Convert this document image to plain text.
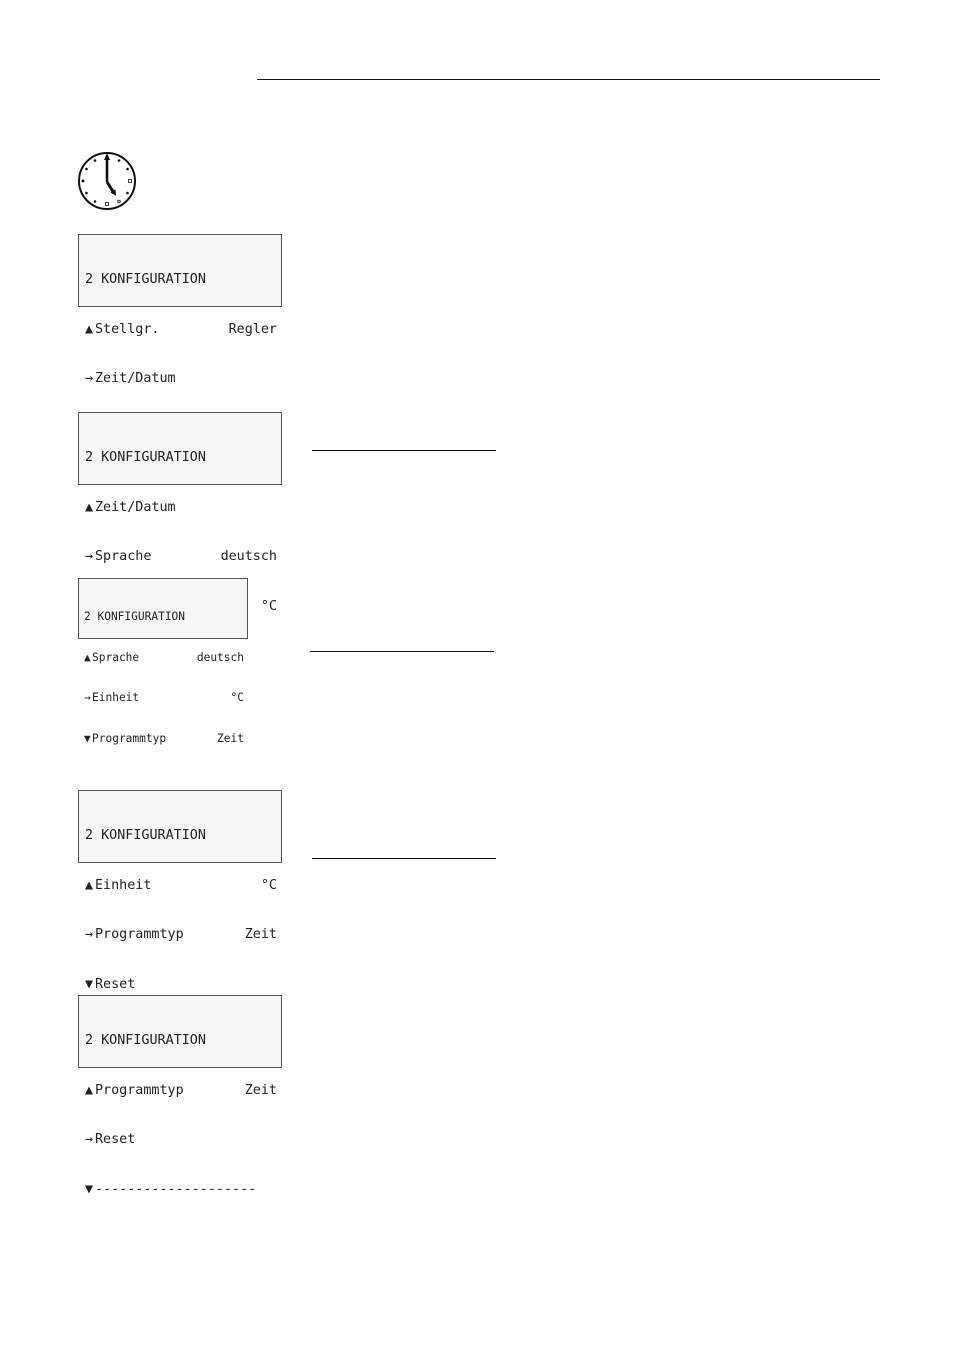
2 KONFIGURATION

▲ Stellgr.	Regler

→ Zeit/Datum

2 KONFIGURATION

▲ Zeit/Datum

→ Sprache	deutsch

°C

2 KONFIGURATION

▲Sprache	deutsch

→Einheit	°C

▼Programmtyp	Zeit

2 KONFIGURATION

▲ Einheit	°C

→ Programmtyp	Zeit

▼ Reset

2 KONFIGURATION

▲ Programmtyp	Zeit

→ Reset

▼ --------------------
